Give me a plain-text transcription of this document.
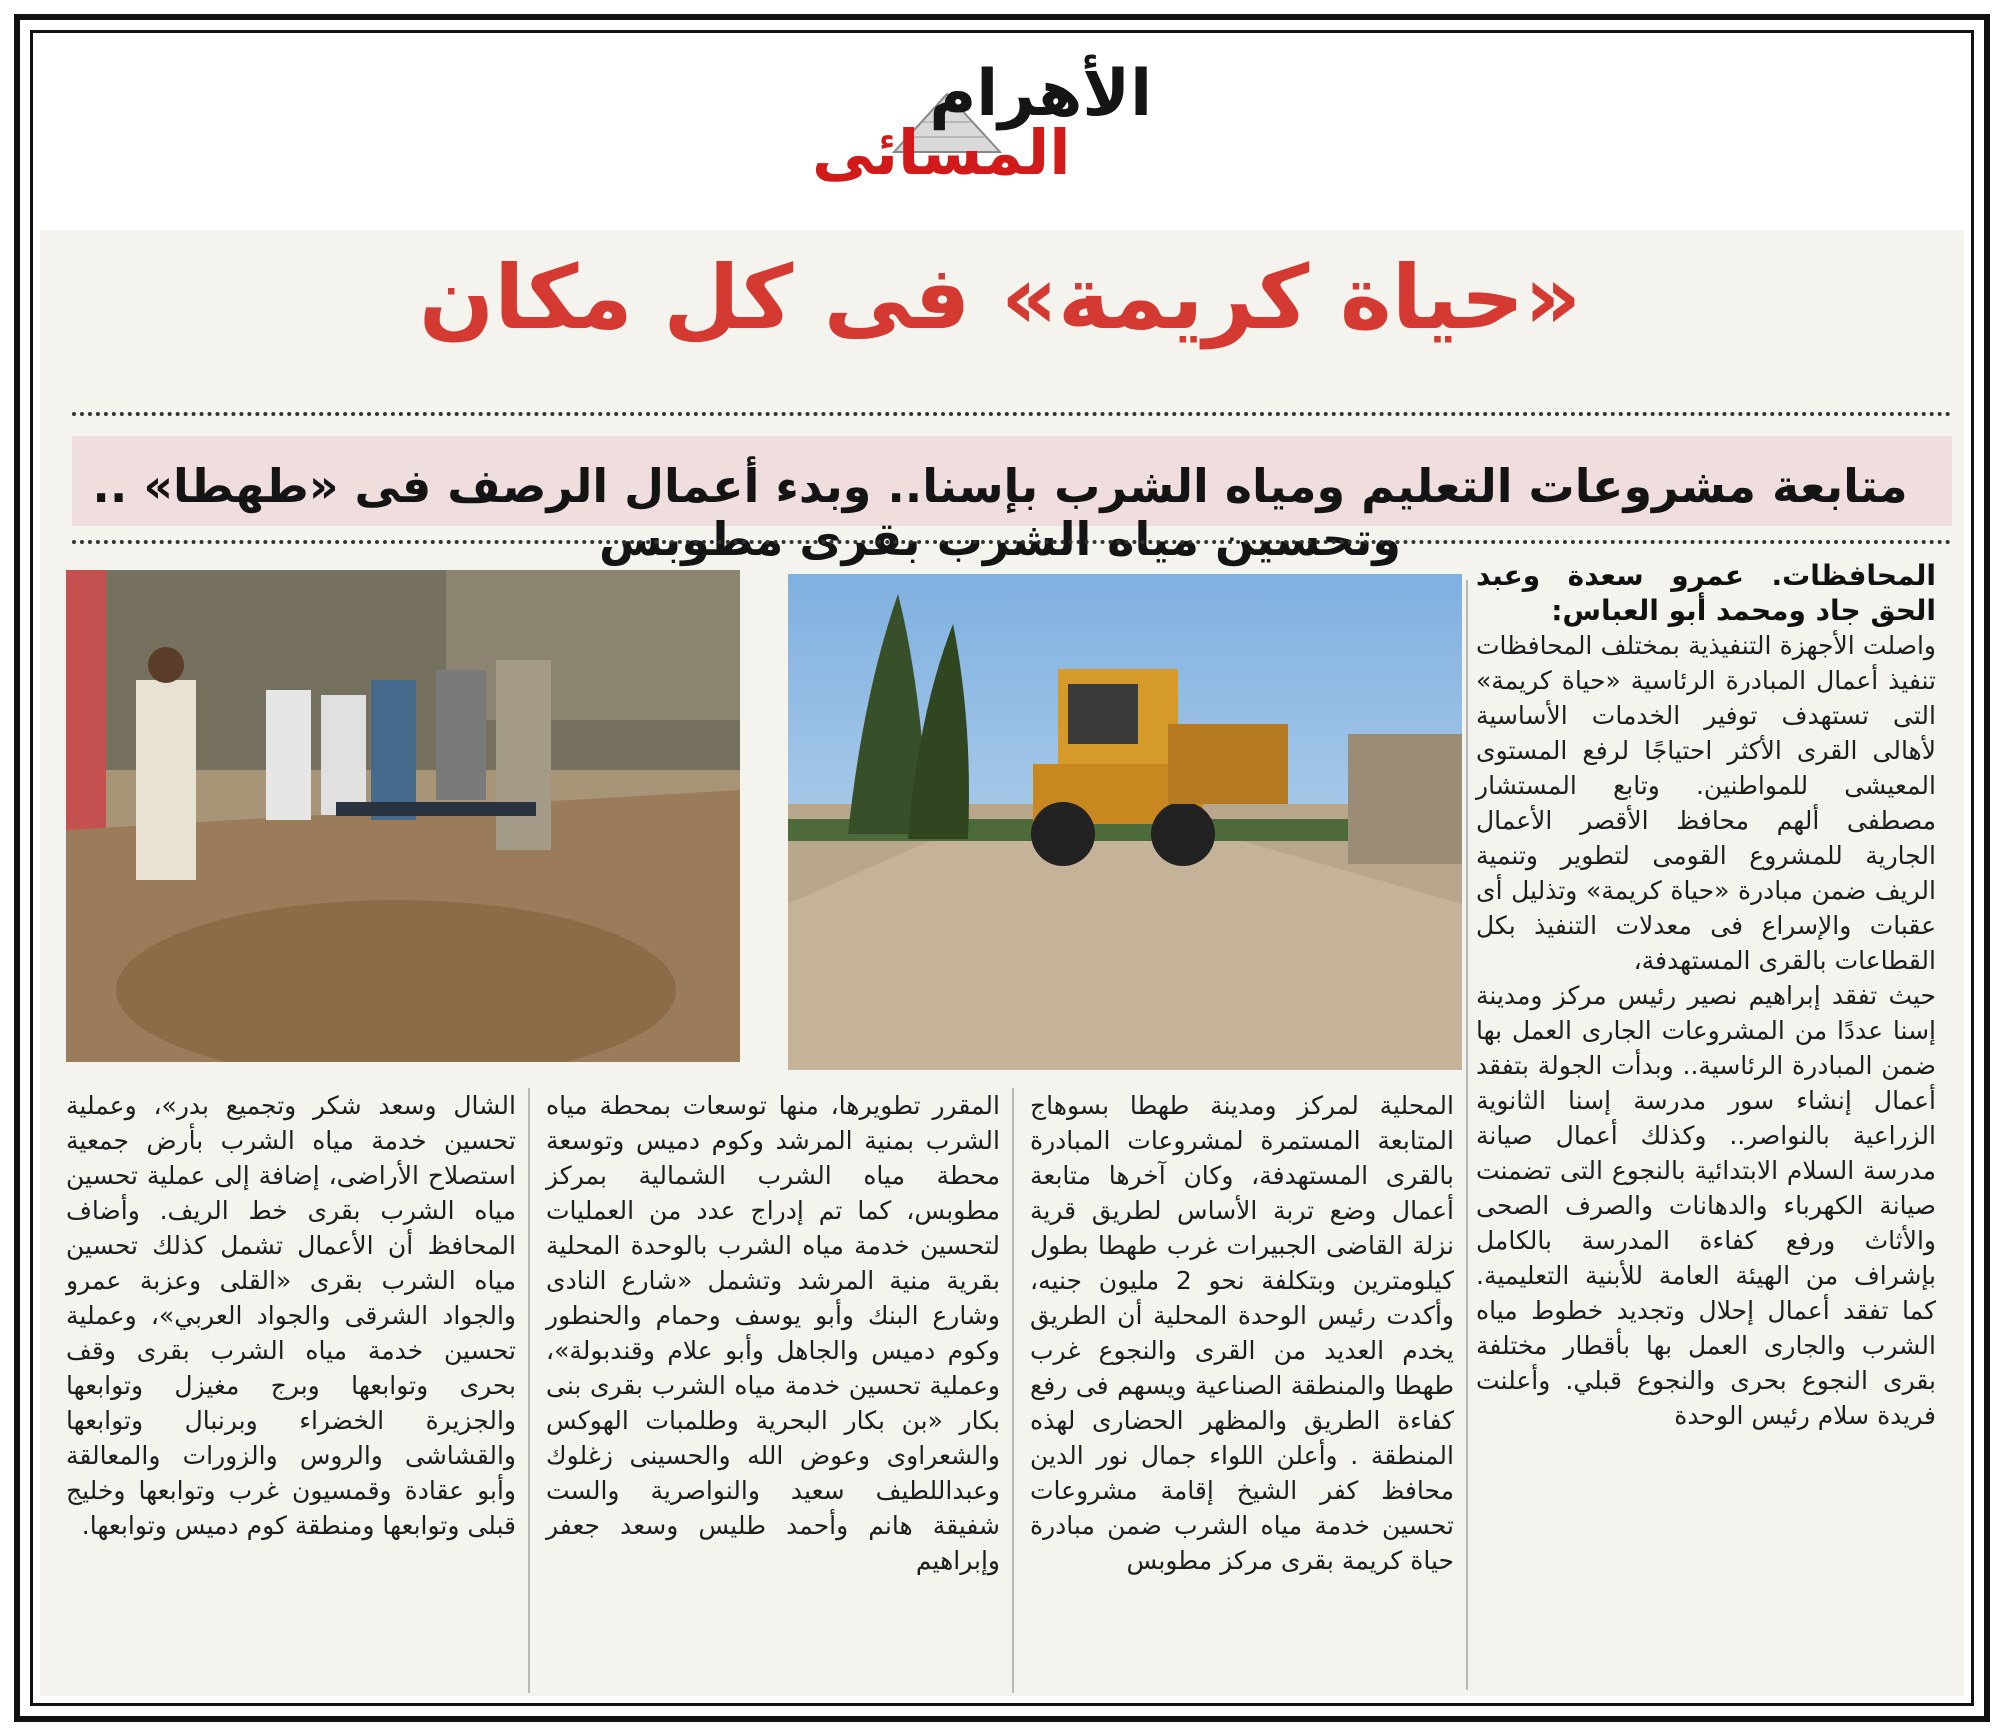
الأهرام
المسائى
«حياة كريمة» فى كل مكان
متابعة مشروعات التعليم ومياه الشرب بإسنا.. وبدء أعمال الرصف فى «طهطا» .. وتحسين مياه الشرب بقرى مطوبس
المحافظات. عمرو سعدة وعبد الحق جاد ومحمد أبو العباس:
واصلت الأجهزة التنفيذية بمختلف المحافظات تنفيذ أعمال المبادرة الرئاسية «حياة كريمة» التى تستهدف توفير الخدمات الأساسية لأهالى القرى الأكثر احتياجًا لرفع المستوى المعيشى للمواطنين. وتابع المستشار مصطفى ألهم محافظ الأقصر الأعمال الجارية للمشروع القومى لتطوير وتنمية الريف ضمن مبادرة «حياة كريمة» وتذليل أى عقبات والإسراع فى معدلات التنفيذ بكل القطاعات بالقرى المستهدفة،
حيث تفقد إبراهيم نصير رئيس مركز ومدينة إسنا عددًا من المشروعات الجارى العمل بها ضمن المبادرة الرئاسية.. وبدأت الجولة بتفقد أعمال إنشاء سور مدرسة إسنا الثانوية الزراعية بالنواصر.. وكذلك أعمال صيانة مدرسة السلام الابتدائية بالنجوع التى تضمنت صيانة الكهرباء والدهانات والصرف الصحى والأثاث ورفع كفاءة المدرسة بالكامل بإشراف من الهيئة العامة للأبنية التعليمية. كما تفقد أعمال إحلال وتجديد خطوط مياه الشرب والجارى العمل بها بأقطار مختلفة بقرى النجوع بحرى والنجوع قبلي. وأعلنت فريدة سلام رئيس الوحدة
المحلية لمركز ومدينة طهطا بسوهاج المتابعة المستمرة لمشروعات المبادرة بالقرى المستهدفة، وكان آخرها متابعة أعمال وضع تربة الأساس لطريق قرية نزلة القاضى الجبيرات غرب طهطا بطول كيلومترين وبتكلفة نحو 2 مليون جنيه، وأكدت رئيس الوحدة المحلية أن الطريق يخدم العديد من القرى والنجوع غرب طهطا والمنطقة الصناعية ويسهم فى رفع كفاءة الطريق والمظهر الحضارى لهذه المنطقة . وأعلن اللواء جمال نور الدين محافظ كفر الشيخ إقامة مشروعات تحسين خدمة مياه الشرب ضمن مبادرة حياة كريمة بقرى مركز مطوبس
المقرر تطويرها، منها توسعات بمحطة مياه الشرب بمنية المرشد وكوم دميس وتوسعة محطة مياه الشرب الشمالية بمركز مطوبس، كما تم إدراج عدد من العمليات لتحسين خدمة مياه الشرب بالوحدة المحلية بقرية منية المرشد وتشمل «شارع النادى وشارع البنك وأبو يوسف وحمام والحنطور وكوم دميس والجاهل وأبو علام وقندبولة»، وعملية تحسين خدمة مياه الشرب بقرى بنى بكار «بن بكار البحرية وطلمبات الهوكس والشعراوى وعوض الله والحسينى زغلوك وعبداللطيف سعيد والنواصرية والست شفيقة هانم وأحمد طليس وسعد جعفر وإبراهيم
الشال وسعد شكر وتجميع بدر»، وعملية تحسين خدمة مياه الشرب بأرض جمعية استصلاح الأراضى، إضافة إلى عملية تحسين مياه الشرب بقرى خط الريف. وأضاف المحافظ أن الأعمال تشمل كذلك تحسين مياه الشرب بقرى «القلى وعزبة عمرو والجواد الشرقى والجواد العربي»، وعملية تحسين خدمة مياه الشرب بقرى وقف بحرى وتوابعها وبرج مغيزل وتوابعها والجزيرة الخضراء وبرنبال وتوابعها والقشاشى والروس والزورات والمعالقة وأبو عقادة وقمسيون غرب وتوابعها وخليج قبلى وتوابعها ومنطقة كوم دميس وتوابعها.
